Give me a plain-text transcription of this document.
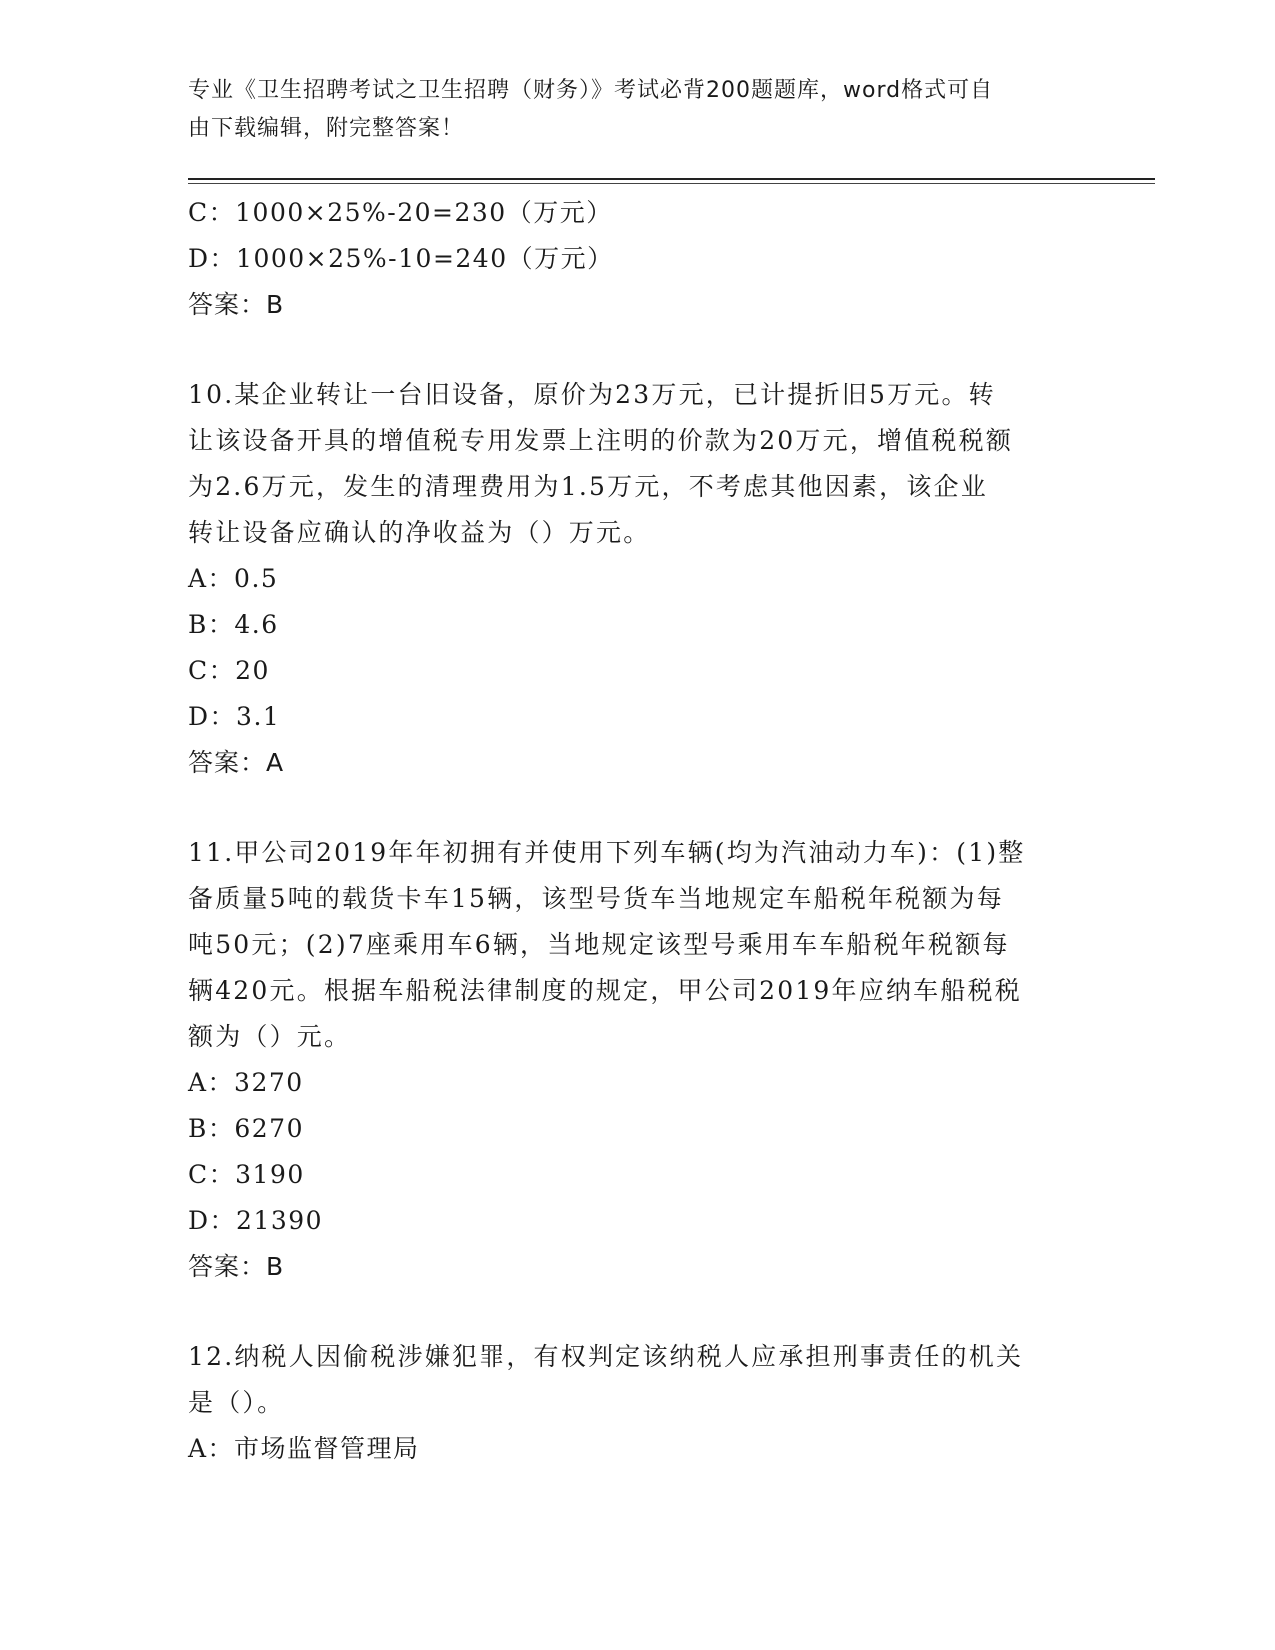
专业《卫生招聘考试之卫生招聘（财务）》考试必背200题题库，word格式可自
由下载编辑，附完整答案！
C：1000×25%-20=230（万元）
D：1000×25%-10=240（万元）
答案：B
10.某企业转让一台旧设备，原价为23万元，已计提折旧5万元。转
让该设备开具的增值税专用发票上注明的价款为20万元，增值税税额
为2.6万元，发生的清理费用为1.5万元，不考虑其他因素，该企业
转让设备应确认的净收益为（）万元。
A：0.5
B：4.6
C：20
D：3.1
答案：A
11.甲公司2019年年初拥有并使用下列车辆(均为汽油动力车)：(1)整
备质量5吨的载货卡车15辆，该型号货车当地规定车船税年税额为每
吨50元；(2)7座乘用车6辆，当地规定该型号乘用车车船税年税额每
辆420元。根据车船税法律制度的规定，甲公司2019年应纳车船税税
额为（）元。
A：3270
B：6270
C：3190
D：21390
答案：B
12.纳税人因偷税涉嫌犯罪，有权判定该纳税人应承担刑事责任的机关
是（）。
A：市场监督管理局
